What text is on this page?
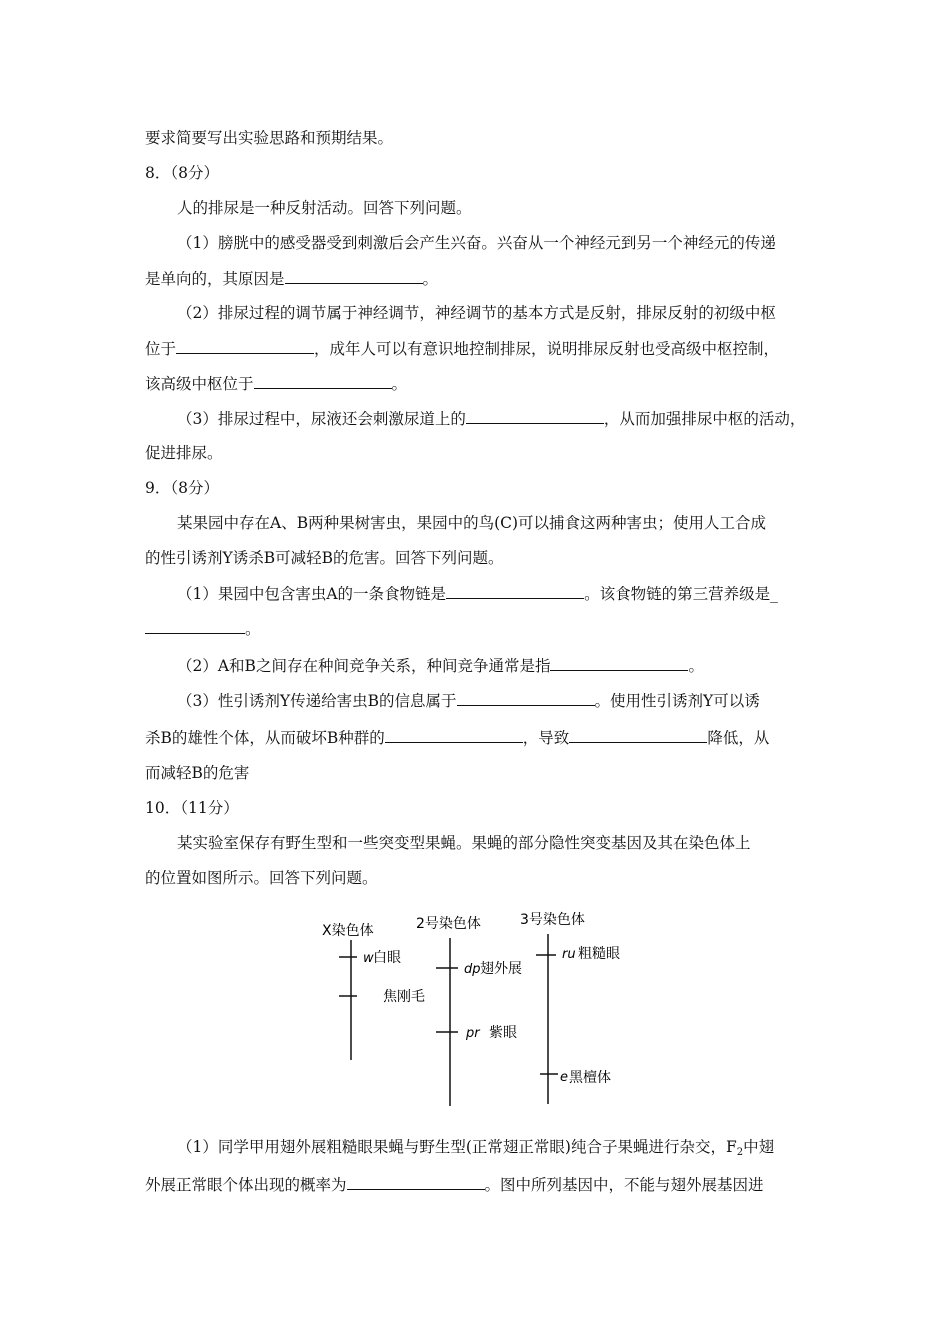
要求简要写出实验思路和预期结果。
8．（8分）
人的排尿是一种反射活动。回答下列问题。
（1）膀胱中的感受器受到刺激后会产生兴奋。兴奋从一个神经元到另一个神经元的传递
是单向的，其原因是	。
（2）排尿过程的调节属于神经调节，神经调节的基本方式是反射，排尿反射的初级中枢
位于	，成年人可以有意识地控制排尿，说明排尿反射也受高级中枢控制，
该高级中枢位于	。
（3）排尿过程中，尿液还会刺激尿道上的	，从而加强排尿中枢的活动，
促进排尿。
9．（8分）
某果园中存在A、B两种果树害虫，果园中的鸟(C)可以捕食这两种害虫；使用人工合成
的性引诱剂Y诱杀B可减轻B的危害。回答下列问题。
（1）果园中包含害虫A的一条食物链是	。该食物链的第三营养级是_
。
（2）A和B之间存在种间竞争关系，种间竞争通常是指	。
（3）性引诱剂Y传递给害虫B的信息属于	。使用性引诱剂Y可以诱
杀B的雄性个体，从而破坏B种群的	，导致	降低，从
而减轻B的危害
10．（11分）
某实验室保存有野生型和一些突变型果蝇。果蝇的部分隐性突变基因及其在染色体上
的位置如图所示。回答下列问题。
X染色体	2号染色体	3号染色体
w 白眼
焦刚毛
dp 翅外展
pr 紫眼
ru 粗糙眼
e 黑檀体
（1）同学甲用翅外展粗糙眼果蝇与野生型(正常翅正常眼)纯合子果蝇进行杂交，$F_2$中翅
外展正常眼个体出现的概率为	。图中所列基因中，不能与翅外展基因进
